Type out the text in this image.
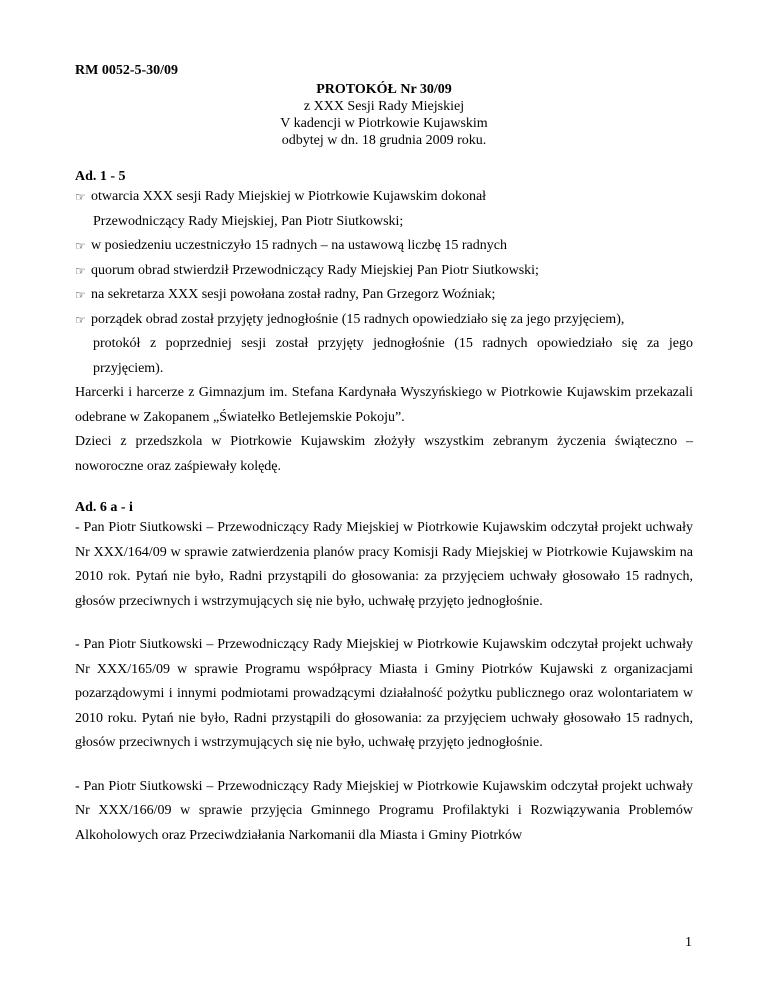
RM 0052-5-30/09
PROTOKÓŁ Nr 30/09
z XXX Sesji Rady Miejskiej
V kadencji w Piotrkowie Kujawskim
odbytej w dn. 18 grudnia 2009 roku.
Ad. 1 - 5
☞ otwarcia XXX sesji Rady Miejskiej w Piotrkowie Kujawskim dokonał
Przewodniczący Rady Miejskiej, Pan Piotr Siutkowski;
☞ w posiedzeniu uczestniczyło 15 radnych – na ustawową liczbę 15 radnych
☞ quorum obrad stwierdził Przewodniczący Rady Miejskiej Pan Piotr Siutkowski;
☞ na sekretarza XXX sesji powołana został radny, Pan Grzegorz Woźniak;
☞ porządek obrad został przyjęty jednogłośnie (15 radnych opowiedziało się za jego przyjęciem),
protokół z poprzedniej sesji został przyjęty jednogłośnie (15 radnych opowiedziało się za jego przyjęciem).

Harcerki i harcerze z Gimnazjum im. Stefana Kardynała Wyszyńskiego w Piotrkowie Kujawskim przekazali odebrane w Zakopanem „Światełko Betlejemskie Pokoju”.

Dzieci z przedszkola w Piotrkowie Kujawskim złożyły wszystkim zebranym życzenia świąteczno – noworoczne oraz zaśpiewały kolędę.

Ad. 6 a - i

- Pan Piotr Siutkowski – Przewodniczący Rady Miejskiej w Piotrkowie Kujawskim odczytał projekt uchwały Nr XXX/164/09 w sprawie zatwierdzenia planów pracy Komisji Rady Miejskiej w Piotrkowie Kujawskim na 2010 rok. Pytań nie było, Radni przystąpili do głosowania: za przyjęciem uchwały głosowało 15 radnych, głosów przeciwnych i wstrzymujących się nie było, uchwałę przyjęto jednogłośnie.

- Pan Piotr Siutkowski – Przewodniczący Rady Miejskiej w Piotrkowie Kujawskim odczytał projekt uchwały Nr XXX/165/09 w sprawie Programu współpracy Miasta i Gminy Piotrków Kujawski z organizacjami pozarządowymi i innymi podmiotami prowadzącymi działalność pożytku publicznego oraz wolontariatem w 2010 roku. Pytań nie było, Radni przystąpili do głosowania: za przyjęciem uchwały głosowało 15 radnych, głosów przeciwnych i wstrzymujących się nie było, uchwałę przyjęto jednogłośnie.

- Pan Piotr Siutkowski – Przewodniczący Rady Miejskiej w Piotrkowie Kujawskim odczytał projekt uchwały Nr XXX/166/09 w sprawie przyjęcia Gminnego Programu Profilaktyki i Rozwiązywania Problemów Alkoholowych oraz Przeciwdziałania Narkomanii dla Miasta i Gminy Piotrków

1
